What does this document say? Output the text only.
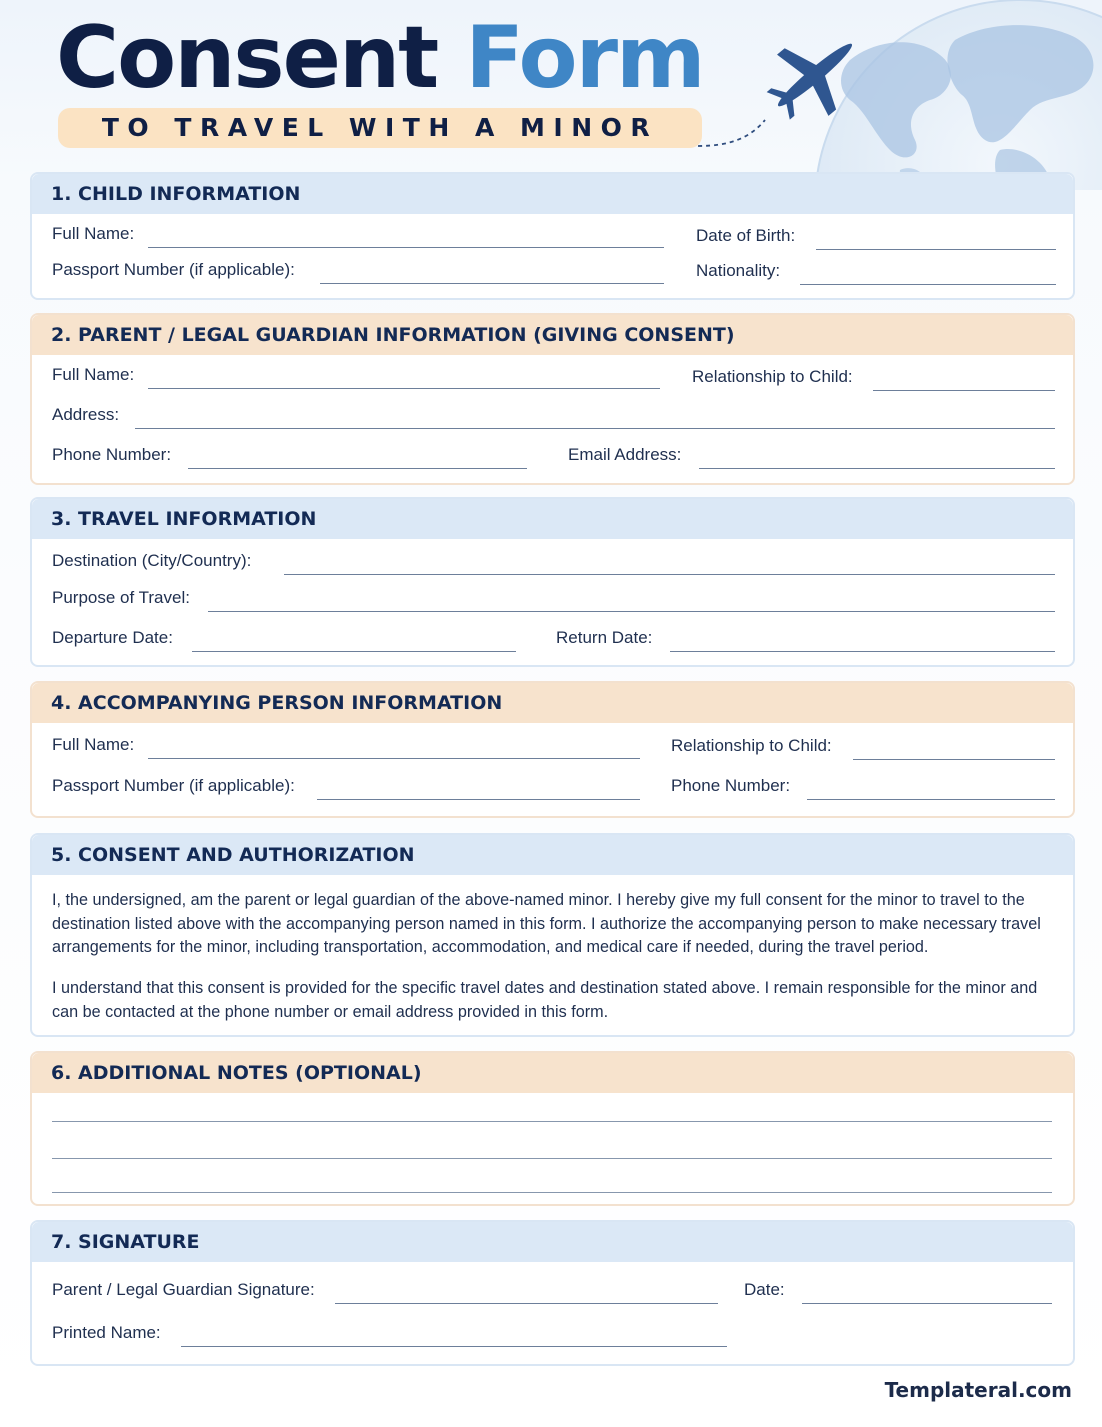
Consent Form
TO TRAVEL WITH A MINOR
1. CHILD INFORMATION
Full Name:	Date of Birth:
Passport Number (if applicable):	Nationality:
2. PARENT / LEGAL GUARDIAN INFORMATION (GIVING CONSENT)
Full Name:	Relationship to Child:
Address:
Phone Number:	Email Address:
3. TRAVEL INFORMATION
Destination (City/Country):
Purpose of Travel:
Departure Date:	Return Date:
4. ACCOMPANYING PERSON INFORMATION
Full Name:	Relationship to Child:
Passport Number (if applicable):	Phone Number:
5. CONSENT AND AUTHORIZATION
I, the undersigned, am the parent or legal guardian of the above-named minor. I hereby give my full consent for the minor to travel to the destination listed above with the accompanying person named in this form. I authorize the accompanying person to make necessary travel arrangements for the minor, including transportation, accommodation, and medical care if needed, during the travel period.
I understand that this consent is provided for the specific travel dates and destination stated above. I remain responsible for the minor and can be contacted at the phone number or email address provided in this form.
6. ADDITIONAL NOTES (OPTIONAL)
7. SIGNATURE
Parent / Legal Guardian Signature:	Date:
Printed Name:
Templateral.com
